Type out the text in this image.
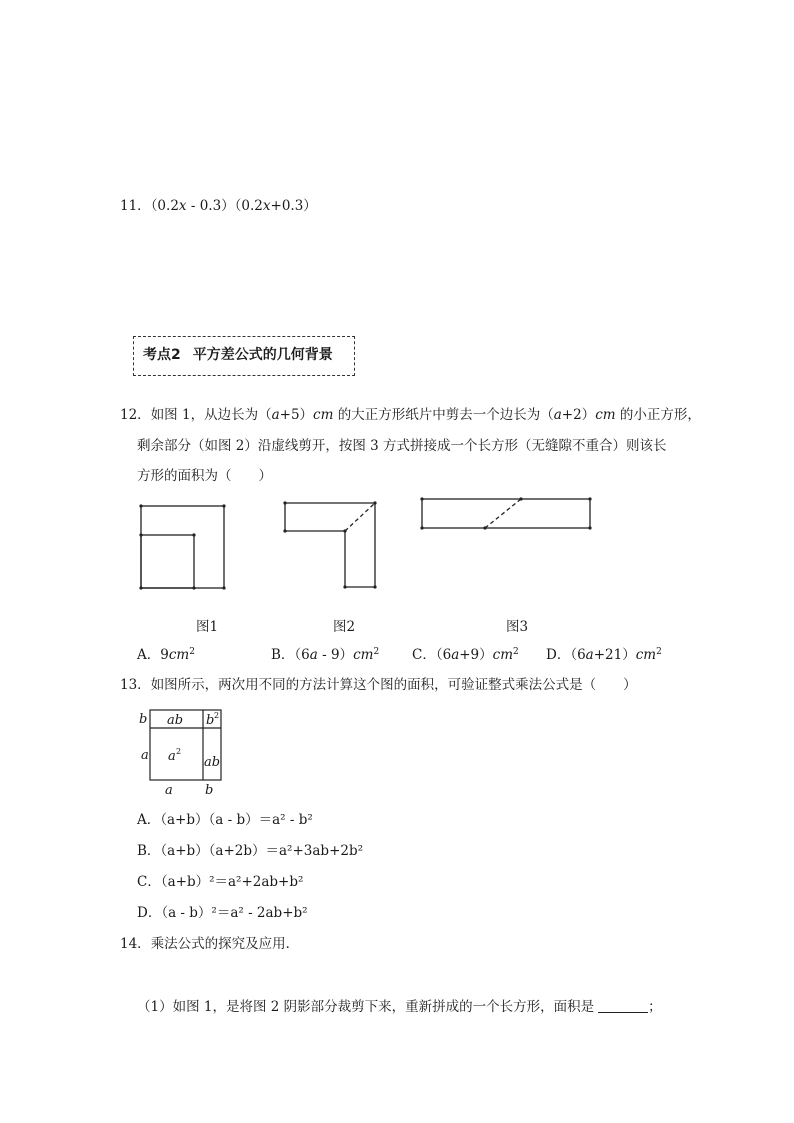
11．（0.2x - 0.3）（0.2x+0.3）
考点2 平方差公式的几何背景
12．如图 1，从边长为（a+5）cm 的大正方形纸片中剪去一个边长为（a+2）cm 的小正方形，
剩余部分（如图 2）沿虚线剪开，按图 3 方式拼接成一个长方形（无缝隙不重合）则该长
方形的面积为（　　）
图1	图2	图3
A．$9cm^2$	B．$(6a - 9)cm^2$ C．$(6a+9)cm^2$ D．$(6a+21)cm^2$
13．如图所示，两次用不同的方法计算这个图的面积，可验证整式乘法公式是（　　）
b
a
ab b
a ab
a b
2
2
A．（a+b）（a - b）＝a² - b²
B．（a+b）（a+2b）＝a²+3ab+2b²
C．（a+b）²＝a²+2ab+b²
D．（a - b）²＝a² - 2ab+b²
14．乘法公式的探究及应用．
（1）如图 1，是将图 2 阴影部分裁剪下来，重新拼成的一个长方形，面积是	；
